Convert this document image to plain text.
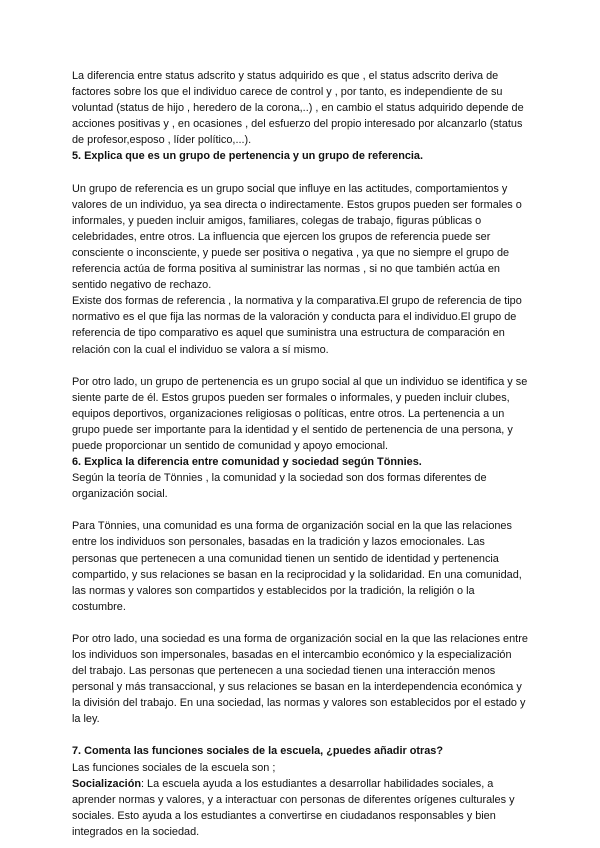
La diferencia entre status adscrito y status adquirido es que , el status adscrito deriva de factores sobre los que el individuo carece de control y , por tanto, es independiente de su voluntad (status de hijo , heredero de la corona,..) , en cambio el status adquirido depende de acciones positivas y , en ocasiones , del esfuerzo del propio interesado por alcanzarlo (status de profesor,esposo , líder político,...).

5. Explica que es un grupo de pertenencia y un grupo de referencia.

Un grupo de referencia es un grupo social que influye en las actitudes, comportamientos y valores de un individuo, ya sea directa o indirectamente. Estos grupos pueden ser formales o informales, y pueden incluir amigos, familiares, colegas de trabajo, figuras públicas o celebridades, entre otros. La influencia que ejercen los grupos de referencia puede ser consciente o inconsciente, y puede ser positiva o negativa , ya que no siempre el grupo de referencia actúa de forma positiva al suministrar las normas , si no que también actúa en sentido negativo de rechazo.

Existe dos formas de referencia , la normativa y la comparativa.El grupo de referencia de tipo normativo es el que fija las normas de la valoración y conducta para el individuo.El grupo de referencia de tipo comparativo es aquel que suministra una estructura de comparación en relación con la cual el individuo se valora a sí mismo.

Por otro lado, un grupo de pertenencia es un grupo social al que un individuo se identifica y se siente parte de él. Estos grupos pueden ser formales o informales, y pueden incluir clubes, equipos deportivos, organizaciones religiosas o políticas, entre otros. La pertenencia a un grupo puede ser importante para la identidad y el sentido de pertenencia de una persona, y puede proporcionar un sentido de comunidad y apoyo emocional.

6. Explica la diferencia entre comunidad y sociedad según Tönnies.

Según la teoría de Tönnies , la comunidad y la sociedad son dos formas diferentes de organización social.

Para Tönnies, una comunidad es una forma de organización social en la que las relaciones entre los individuos son personales, basadas en la tradición y lazos emocionales. Las personas que pertenecen a una comunidad tienen un sentido de identidad y pertenencia compartido, y sus relaciones se basan en la reciprocidad y la solidaridad. En una comunidad, las normas y valores son compartidos y establecidos por la tradición, la religión o la costumbre.

Por otro lado, una sociedad es una forma de organización social en la que las relaciones entre los individuos son impersonales, basadas en el intercambio económico y la especialización del trabajo. Las personas que pertenecen a una sociedad tienen una interacción menos personal y más transaccional, y sus relaciones se basan en la interdependencia económica y la división del trabajo. En una sociedad, las normas y valores son establecidos por el estado y la ley.

7. Comenta las funciones sociales de la escuela, ¿puedes añadir otras?

Las funciones sociales de la escuela son ;

Socialización: La escuela ayuda a los estudiantes a desarrollar habilidades sociales, a aprender normas y valores, y a interactuar con personas de diferentes orígenes culturales y sociales. Esto ayuda a los estudiantes a convertirse en ciudadanos responsables y bien integrados en la sociedad.
